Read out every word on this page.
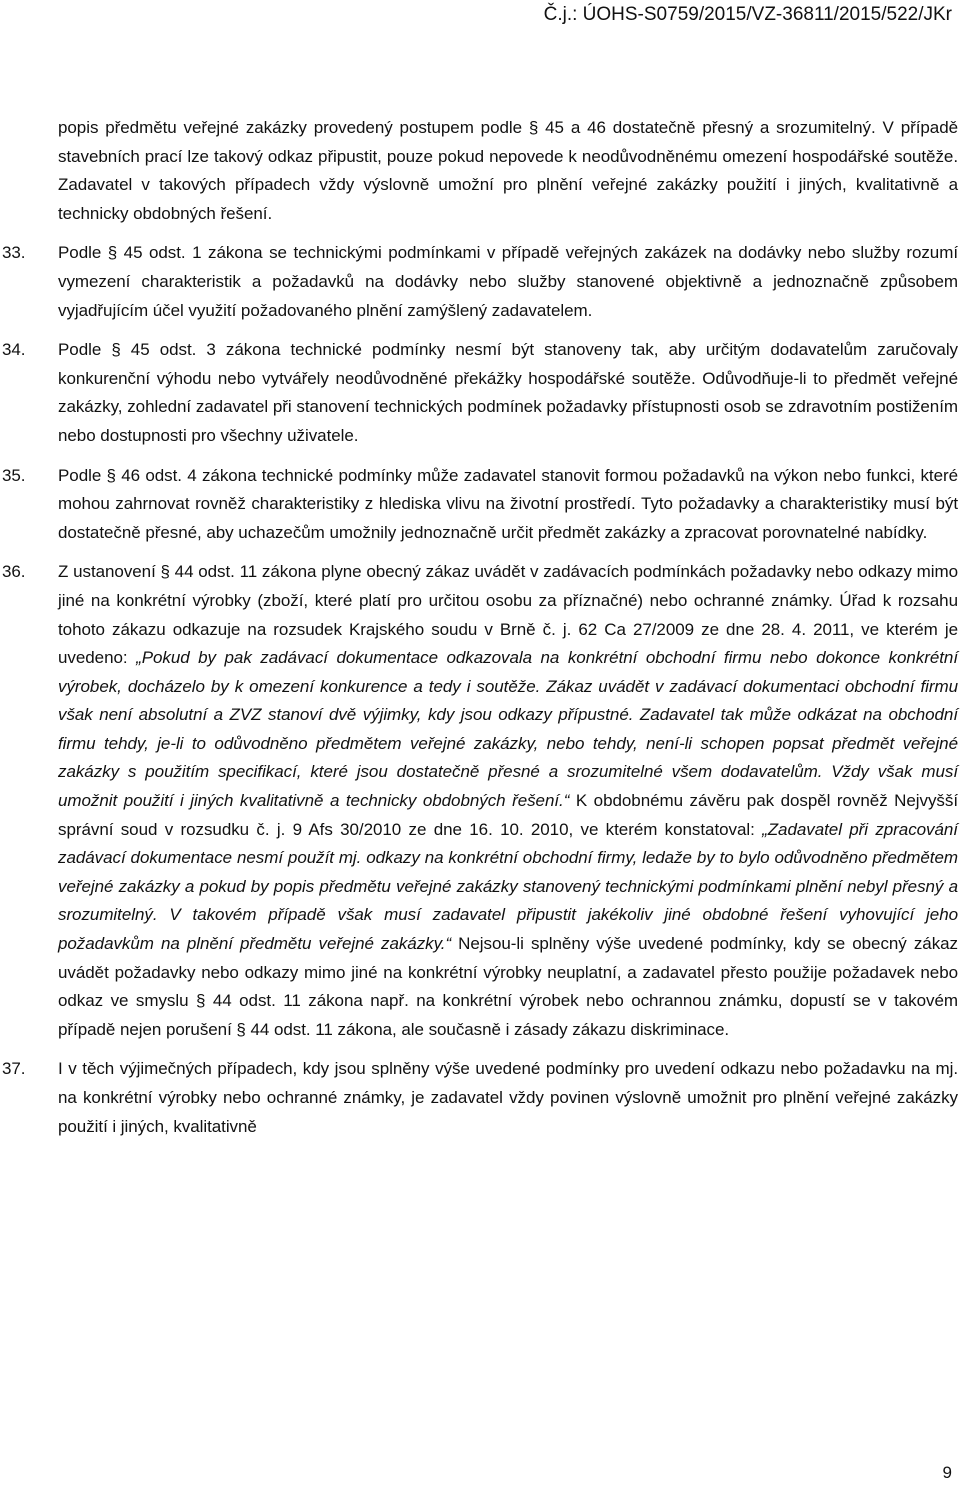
Č.j.: ÚOHS-S0759/2015/VZ-36811/2015/522/JKr
popis předmětu veřejné zakázky provedený postupem podle § 45 a 46 dostatečně přesný a srozumitelný. V případě stavebních prací lze takový odkaz připustit, pouze pokud nepovede k neodůvodněnému omezení hospodářské soutěže. Zadavatel v takových případech vždy výslovně umožní pro plnění veřejné zakázky použití i jiných, kvalitativně a technicky obdobných řešení.
33.	Podle § 45 odst. 1 zákona se technickými podmínkami v případě veřejných zakázek na dodávky nebo služby rozumí vymezení charakteristik a požadavků na dodávky nebo služby stanovené objektivně a jednoznačně způsobem vyjadřujícím účel využití požadovaného plnění zamýšlený zadavatelem.
34.	Podle § 45 odst. 3 zákona technické podmínky nesmí být stanoveny tak, aby určitým dodavatelům zaručovaly konkurenční výhodu nebo vytvářely neodůvodněné překážky hospodářské soutěže. Odůvodňuje-li to předmět veřejné zakázky, zohlední zadavatel při stanovení technických podmínek požadavky přístupnosti osob se zdravotním postižením nebo dostupnosti pro všechny uživatele.
35.	Podle § 46 odst. 4 zákona technické podmínky může zadavatel stanovit formou požadavků na výkon nebo funkci, které mohou zahrnovat rovněž charakteristiky z hlediska vlivu na životní prostředí. Tyto požadavky a charakteristiky musí být dostatečně přesné, aby uchazečům umožnily jednoznačně určit předmět zakázky a zpracovat porovnatelné nabídky.
36.	Z ustanovení § 44 odst. 11 zákona plyne obecný zákaz uvádět v zadávacích podmínkách požadavky nebo odkazy mimo jiné na konkrétní výrobky (zboží, které platí pro určitou osobu za příznačné) nebo ochranné známky. Úřad k rozsahu tohoto zákazu odkazuje na rozsudek Krajského soudu v Brně č. j. 62 Ca 27/2009 ze dne 28. 4. 2011, ve kterém je uvedeno: „Pokud by pak zadávací dokumentace odkazovala na konkrétní obchodní firmu nebo dokonce konkrétní výrobek, docházelo by k omezení konkurence a tedy i soutěže. Zákaz uvádět v zadávací dokumentaci obchodní firmu však není absolutní a ZVZ stanoví dvě výjimky, kdy jsou odkazy přípustné. Zadavatel tak může odkázat na obchodní firmu tehdy, je-li to odůvodněno předmětem veřejné zakázky, nebo tehdy, není-li schopen popsat předmět veřejné zakázky s použitím specifikací, které jsou dostatečně přesné a srozumitelné všem dodavatelům. Vždy však musí umožnit použití i jiných kvalitativně a technicky obdobných řešení.“ K obdobnému závěru pak dospěl rovněž Nejvyšší správní soud v rozsudku č. j. 9 Afs 30/2010 ze dne 16. 10. 2010, ve kterém konstatoval: „Zadavatel při zpracování zadávací dokumentace nesmí použít mj. odkazy na konkrétní obchodní firmy, ledaže by to bylo odůvodněno předmětem veřejné zakázky a pokud by popis předmětu veřejné zakázky stanovený technickými podmínkami plnění nebyl přesný a srozumitelný. V takovém případě však musí zadavatel připustit jakékoliv jiné obdobné řešení vyhovující jeho požadavkům na plnění předmětu veřejné zakázky.“ Nejsou-li splněny výše uvedené podmínky, kdy se obecný zákaz uvádět požadavky nebo odkazy mimo jiné na konkrétní výrobky neuplatní, a zadavatel přesto použije požadavek nebo odkaz ve smyslu § 44 odst. 11 zákona např. na konkrétní výrobek nebo ochrannou známku, dopustí se v takovém případě nejen porušení § 44 odst. 11 zákona, ale současně i zásady zákazu diskriminace.
37.	I v těch výjimečných případech, kdy jsou splněny výše uvedené podmínky pro uvedení odkazu nebo požadavku na mj. na konkrétní výrobky nebo ochranné známky, je zadavatel vždy povinen výslovně umožnit pro plnění veřejné zakázky použití i jiných, kvalitativně
9
